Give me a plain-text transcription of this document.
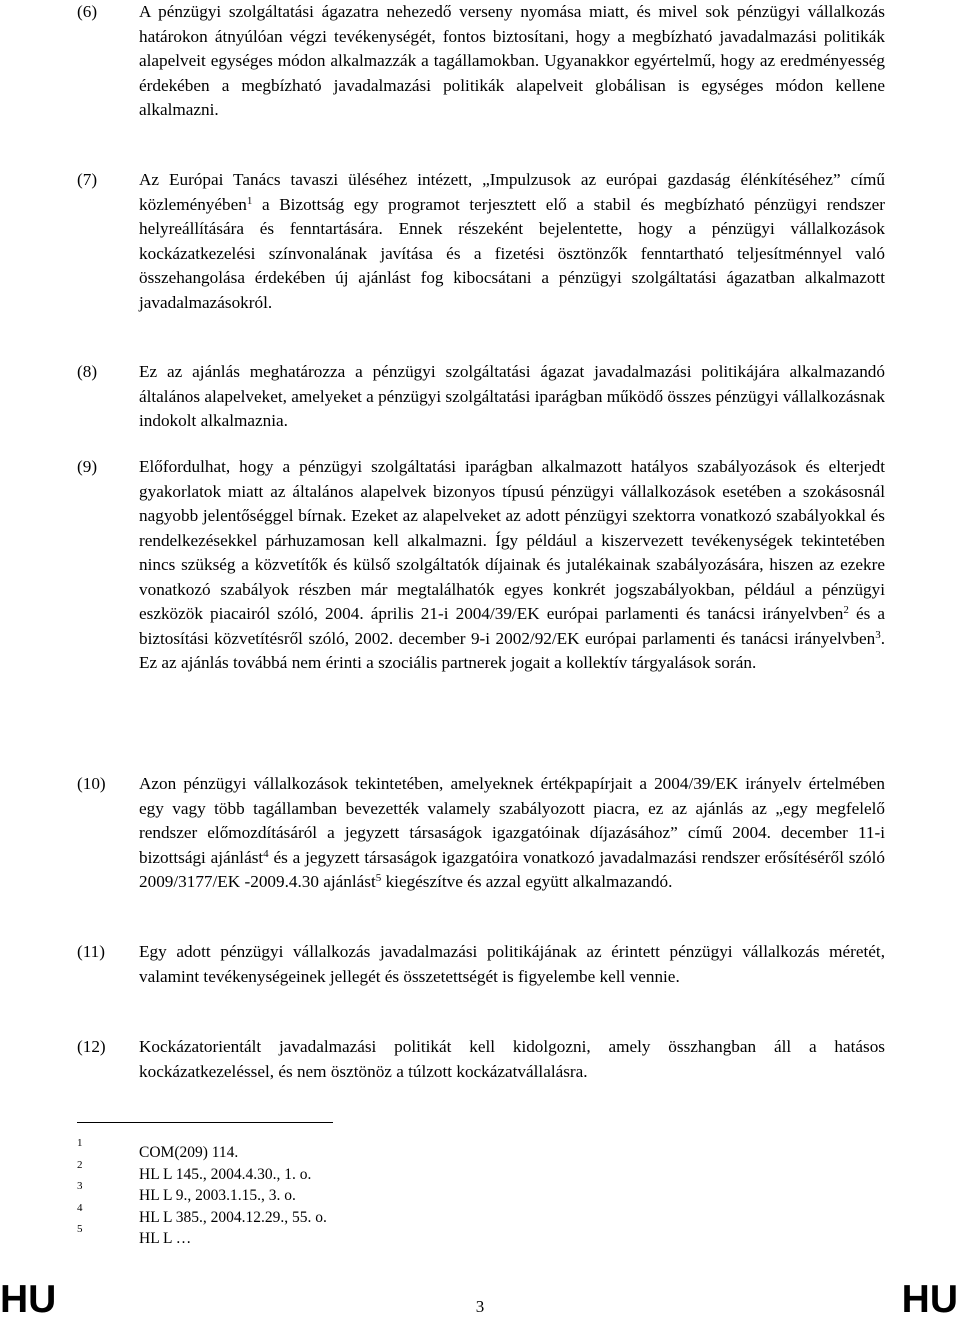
(6) A pénzügyi szolgáltatási ágazatra nehezedő verseny nyomása miatt, és mivel sok pénzügyi vállalkozás határokon átnyúlóan végzi tevékenységét, fontos biztosítani, hogy a megbízható javadalmazási politikák alapelveit egységes módon alkalmazzák a tagállamokban. Ugyanakkor egyértelmű, hogy az eredményesség érdekében a megbízható javadalmazási politikák alapelveit globálisan is egységes módon kellene alkalmazni.
(7) Az Európai Tanács tavaszi üléséhez intézett, „Impulzusok az európai gazdaság élénkítéséhez” című közleményében$^1$ a Bizottság egy programot terjesztett elő a stabil és megbízható pénzügyi rendszer helyreállítására és fenntartására. Ennek részeként bejelentette, hogy a pénzügyi vállalkozások kockázatkezelési színvonalának javítása és a fizetési ösztönzők fenntartható teljesítménnyel való összehangolása érdekében új ajánlást fog kibocsátani a pénzügyi szolgáltatási ágazatban alkalmazott javadalmazásokról.
(8) Ez az ajánlás meghatározza a pénzügyi szolgáltatási ágazat javadalmazási politikájára alkalmazandó általános alapelveket, amelyeket a pénzügyi szolgáltatási iparágban működő összes pénzügyi vállalkozásnak indokolt alkalmaznia.
(9) Előfordulhat, hogy a pénzügyi szolgáltatási iparágban alkalmazott hatályos szabályozások és elterjedt gyakorlatok miatt az általános alapelvek bizonyos típusú pénzügyi vállalkozások esetében a szokásosnál nagyobb jelentőséggel bírnak. Ezeket az alapelveket az adott pénzügyi szektorra vonatkozó szabályokkal és rendelkezésekkel párhuzamosan kell alkalmazni. Így például a kiszervezett tevékenységek tekintetében nincs szükség a közvetítők és külső szolgáltatók díjainak és jutalékainak szabályozására, hiszen az ezekre vonatkozó szabályok részben már megtalálhatók egyes konkrét jogszabályokban, például a pénzügyi eszközök piacairól szóló, 2004. április 21-i 2004/39/EK európai parlamenti és tanácsi irányelvben$^2$ és a biztosítási közvetítésről szóló, 2002. december 9-i 2002/92/EK európai parlamenti és tanácsi irányelvben$^3$. Ez az ajánlás továbbá nem érinti a szociális partnerek jogait a kollektív tárgyalások során.
(10) Azon pénzügyi vállalkozások tekintetében, amelyeknek értékpapírjait a 2004/39/EK irányelv értelmében egy vagy több tagállamban bevezették valamely szabályozott piacra, ez az ajánlás az „egy megfelelő rendszer előmozdításáról a jegyzett társaságok igazgatóinak díjazásához” című 2004. december 11-i bizottsági ajánlást$^4$ és a jegyzett társaságok igazgatóira vonatkozó javadalmazási rendszer erősítéséről szóló 2009/3177/EK -2009.4.30 ajánlást$^5$ kiegészítve és azzal együtt alkalmazandó.
(11) Egy adott pénzügyi vállalkozás javadalmazási politikájának az érintett pénzügyi vállalkozás méretét, valamint tevékenységeinek jellegét és összetettségét is figyelembe kell vennie.
(12) Kockázatorientált javadalmazási politikát kell kidolgozni, amely összhangban áll a hatásos kockázatkezeléssel, és nem ösztönöz a túlzott kockázatvállalásra.
1
COM(209) 114.
2
HL L 145., 2004.4.30., 1. o.
3
HL L 9., 2003.1.15., 3. o.
4
HL L 385., 2004.12.29., 55. o.
5
HL L …
HU	3	HU
